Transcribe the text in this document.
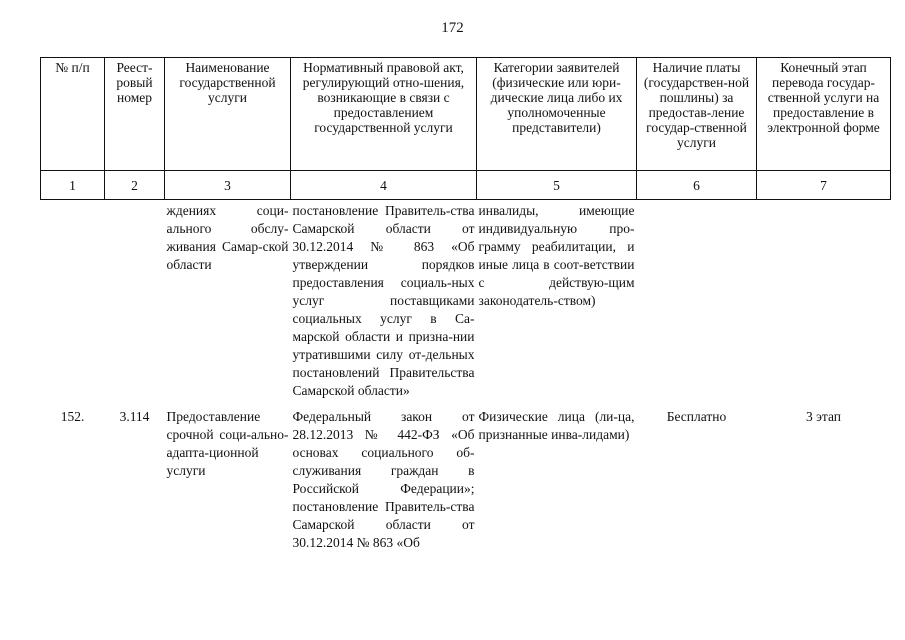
172
№ п/п	Реест-ровый номер	Наименование государственной услуги	Нормативный правовой акт, регулирующий отно-шения, возникающие в связи с предоставлением государственной услуги	Категории заявителей (физические или юри-дические лица либо их уполномоченные представители)	Наличие платы (государствен-ной пошлины) за предостав-ление государ-ственной услуги	Конечный этап перевода государ-ственной услуги на предоставление в электронной форме
1	2	3	4	5	6	7
		ждениях соци-ального обслу-живания Самар-ской области	постановление Правитель-ства Самарской области от 30.12.2014 № 863 «Об утверждении порядков предоставления социаль-ных услуг поставщиками социальных услуг в Са-марской области и призна-нии утратившими силу от-дельных постановлений Правительства Самарской области»	инвалиды, имеющие индивидуальную про-грамму реабилитации, и иные лица в соот-ветствии с действую-щим законодатель-ством)		

152.	3.114	Предоставление срочной соци-ально-адапта-ционной услуги	Федеральный закон от 28.12.2013 № 442-ФЗ «Об основах социального об-служивания граждан в Российской Федерации»; постановление Правитель-ства Самарской области от 30.12.2014 № 863 «Об	Физические лица (ли-ца, признанные инва-лидами)	Бесплатно	3 этап
